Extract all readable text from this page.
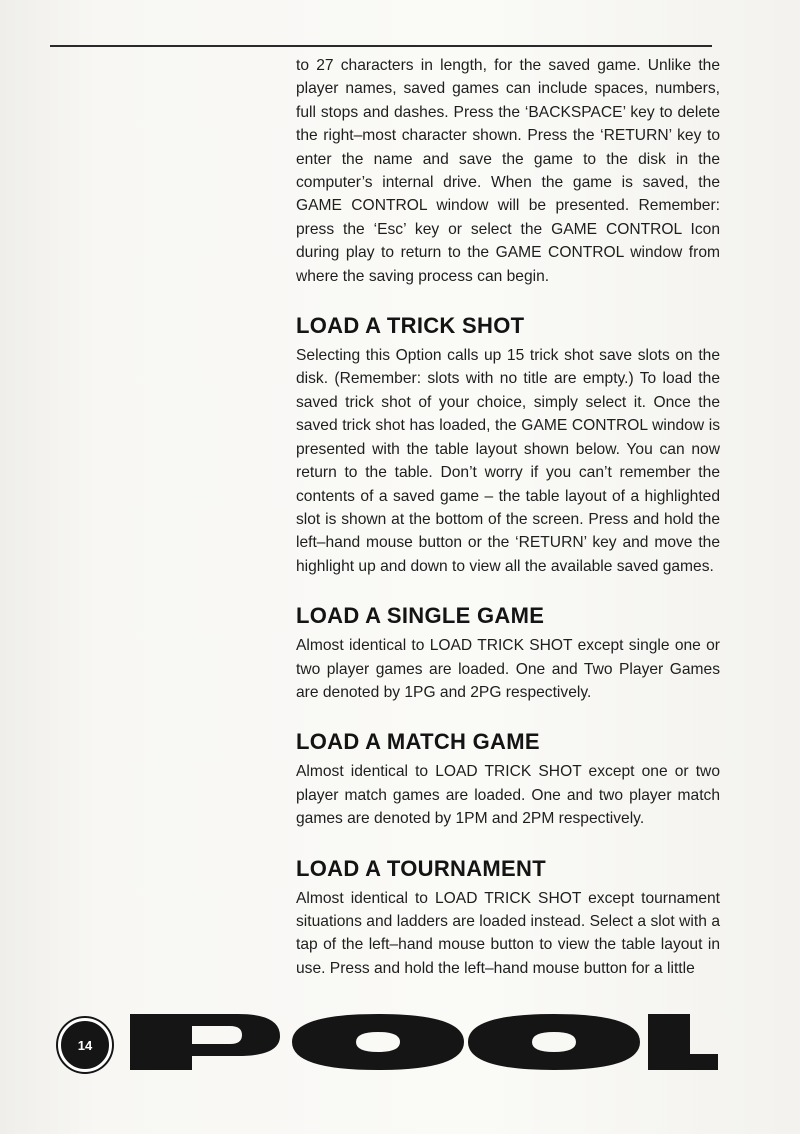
to 27 characters in length, for the saved game. Unlike the player names, saved games can include spaces, numbers, full stops and dashes. Press the ‘BACKSPACE’ key to delete the right–most character shown. Press the ‘RETURN’ key to enter the name and save the game to the disk in the computer’s internal drive. When the game is saved, the GAME CONTROL window will be presented. Remember: press the ‘Esc’ key or select the GAME CONTROL Icon during play to return to the GAME CONTROL window from where the saving process can begin.

LOAD A TRICK SHOT

Selecting this Option calls up 15 trick shot save slots on the disk. (Remember: slots with no title are empty.) To load the saved trick shot of your choice, simply select it. Once the saved trick shot has loaded, the GAME CONTROL window is presented with the table layout shown below. You can now return to the table. Don’t worry if you can’t remember the contents of a saved game – the table layout of a highlighted slot is shown at the bottom of the screen. Press and hold the left–hand mouse button or the ‘RETURN’ key and move the highlight up and down to view all the available saved games.

LOAD A SINGLE GAME

Almost identical to LOAD TRICK SHOT except single one or two player games are loaded. One and Two Player Games are denoted by 1PG and 2PG respectively.

LOAD A MATCH GAME

Almost identical to LOAD TRICK SHOT except one or two player match games are loaded. One and two player match games are denoted by 1PM and 2PM respectively.

LOAD A TOURNAMENT

Almost identical to LOAD TRICK SHOT except tournament situations and ladders are loaded instead. Select a slot with a tap of the left–hand mouse button to view the table layout in use. Press and hold the left–hand mouse button for a little

14
